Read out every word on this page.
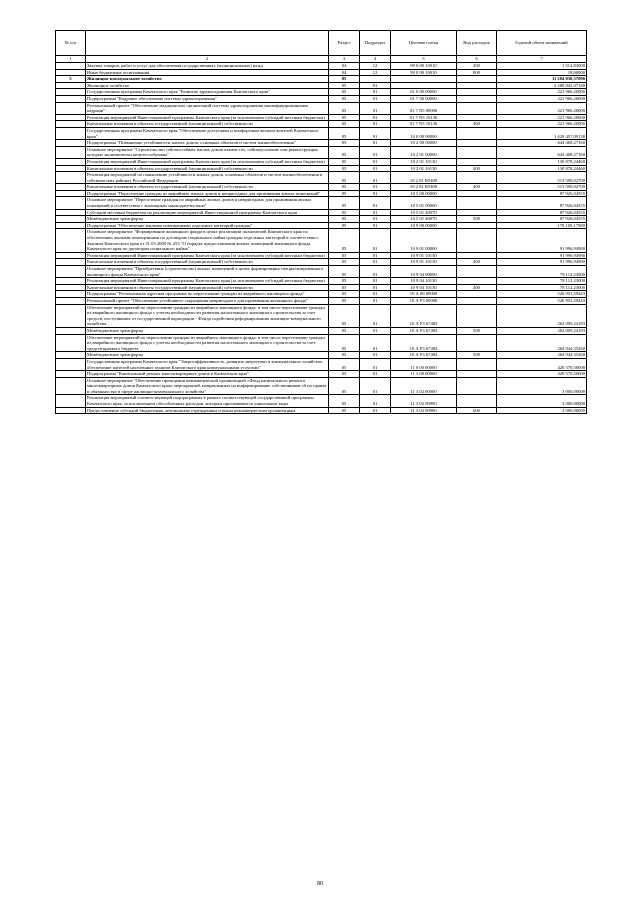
№ п/п		Раздел	Подраздел	Целевая статья	Вид расходов	Годовой объем назначений
1	2	3	4	5	6	7
	Закупка товаров, работ и услуг для обеспечения государственных (муниципальных) нужд	04	12	99 0 00 10010	200	1 512,83000
	Иные бюджетные ассигнования	04	12	99 0 00 10010	800	18,00000
5	Жилищно-коммунальное хозяйство	05				11 284 030,57096
	Жилищное хозяйство	05	01			2 280 042,07180
	Государственная программа Камчатского края "Развитие здравоохранения Камчатского края"	05	01	01 0 00 00000		221 966,20000
	Подпрограмма "Кадровое обеспечение системы здравоохранения"	05	01	01 7 00 00000		221 966,20000
	Региональный проект "Обеспечение медицинских организаций системы здравоохранения квалифицированными кадрами"	05	01	01 7 N5 00000		221 966,20000
	Реализация мероприятий Инвестиционной программы Камчатского края (за исключением субсидий местным бюджетам)	05	01	01 7 N5 10130		221 966,20000
	Капитальные вложения в объекты государственной (муниципальной) собственности	05	01	01 7 N5 10130	400	221 966,20000
	Государственная программа Камчатского края "Обеспечение доступным и комфортным жильем жителей Камчатского края"	05	01	10 0 00 00000		1 429 457,09138
	Подпрограмма "Повышение устойчивости жилых домов, основных объектов и систем жизнеобеспечения"	05	01	10 2 00 00000		644 468,27160
	Основное мероприятие "Строительство сейсмостойких жилых домов взамен тех, сейсмоусиление или реконструкция которых экономически нецелесообразны"	05	01	10 2 01 00000		644 468,27160
	Реализация мероприятий Инвестиционной программы Камчатского края (за исключением субсидий местным бюджетам)	05	01	10 2 01 10130		130 878,24460
	Капитальные вложения в объекты государственной (муниципальной) собственности	05	01	10 2 01 10130	400	130 878,24460
	Реализация мероприятий по повышению устойчивости жилых домов, основных объектов и систем жизнеобеспечения в сейсмических районах Российской Федерации	05	01	10 2 01 R5400		513 590,02700
	Капитальные вложения в объекты государственной (муниципальной) собственности	05	01	10 2 01 R5400	400	513 590,02700
	Подпрограмма "Переселение граждан из аварийных жилых домов и непригодных для проживания жилых помещений"	05	01	10 5 00 00000		87 926,04555
	Основное мероприятие "Переселение граждан из аварийных жилых домов и непригодных для проживания жилых помещений в соответствии с жилищным законодательством"	05	01	10 5 01 00000		87 926,04555
	Субсидии местным бюджетам на реализацию мероприятий Инвестиционной программы Камчатского края	05	01	10 5 01 40070		87 926,04555
	Межбюджетные трансферты	05	01	10 5 01 40070	500	87 926,04555
	Подпрограмма "Обеспечение жилыми помещениями отдельных категорий граждан"	05	01	10 9 00 00000		170 109,17980
	Основное мероприятие "Формирование жилищного фонда в целях реализации полномочий Камчатского края по обеспечению жилыми помещениями по договорам социального найма граждан отдельных категорий в соответствии с Законом Камчатского края от 31.03.2009 № 253 "О порядке предоставления жилых помещений жилищного фонда Камчатского края по договорам социального найма"	05	01	10 9 01 00000		91 996,94980
	Реализация мероприятий Инвестиционной программы Камчатского края (за исключением субсидий местным бюджетам)	05	01	10 9 01 10130		91 996,94980
	Капитальные вложения в объекты государственной (муниципальной) собственности	05	01	10 9 01 10130	400	91 996,94980
	Основное мероприятие "Приобретение (строительство) жилых помещений в целях формирования специализированного жилищного фонда Камчатского края"	05	01	10 9 04 00000		78 112,23000
	Реализация мероприятий Инвестиционной программы Камчатского края (за исключением субсидий местным бюджетам)	05	01	10 9 04 10130		78 112,23000
	Капитальные вложения в объекты государственной (муниципальной) собственности	05	01	10 9 04 10130	400	78 112,23000
	Подпрограмма "Региональная адресная программа по переселению граждан из аварийного жилищного фонда"	05	01	10 А 00 00000		526 953,59443
	Региональный проект "Обеспечение устойчивого сокращения непригодного для проживания жилищного фонда"	05	01	10 А F3 00000		526 953,59443
	Обеспечение мероприятий по переселению граждан из аварийного жилищного фонда, в том числе переселению граждан из аварийного жилищного фонда с учетом необходимости развития малоэтажного жилищного строительства за счет средств, поступивших от государственной корпорации - Фонда содействия реформированию жилищно-коммунального хозяйства	05	01	10 А F3 67483		262 009,24183
	Межбюджетные трансферты	05	01	10 А F3 67483	500	262 009,24183
	Обеспечение мероприятий по переселению граждан из аварийного жилищного фонда, в том числе переселению граждан из аварийного жилищного фонда с учетом необходимости развития малоэтажного жилищного строительства за счет средств краевого бюджета	05	01	10 А F3 67484		264 944,35260
	Межбюджетные трансферты	05	01	10 А F3 67484	500	264 944,35260
	Государственная программа Камчатского края "Энергоэффективность, развитие энергетики и коммунального хозяйства, обеспечение жителей населенных пунктов Камчатского края коммунальными услугами"	05	01	11 0 00 00000		420 570,50000
	Подпрограмма "Капитальный ремонт многоквартирных домов в Камчатском крае"	05	01	11 3 00 00000		420 570,50000
	Основное мероприятие "Обеспечение проведения некоммерческой организацией «Фонд капитального ремонта многоквартирных домов Камчатского края» мероприятий, направленных на информирование собственников об их правах и обязанностях в сфере жилищно-коммунального хозяйства"	05	01	11 3 02 00000		3 000,00000
	Реализация мероприятий соответствующей подпрограммы в рамках соответствующей государственной программы Камчатского края, за исключением обособленных расходов, которым присваиваются уникальные коды	05	01	11 3 02 09990		3 000,00000
	Предоставление субсидий бюджетным, автономным учреждениям и иным некоммерческим организациям	05	01	11 3 02 09990	600	3 000,00000
80
